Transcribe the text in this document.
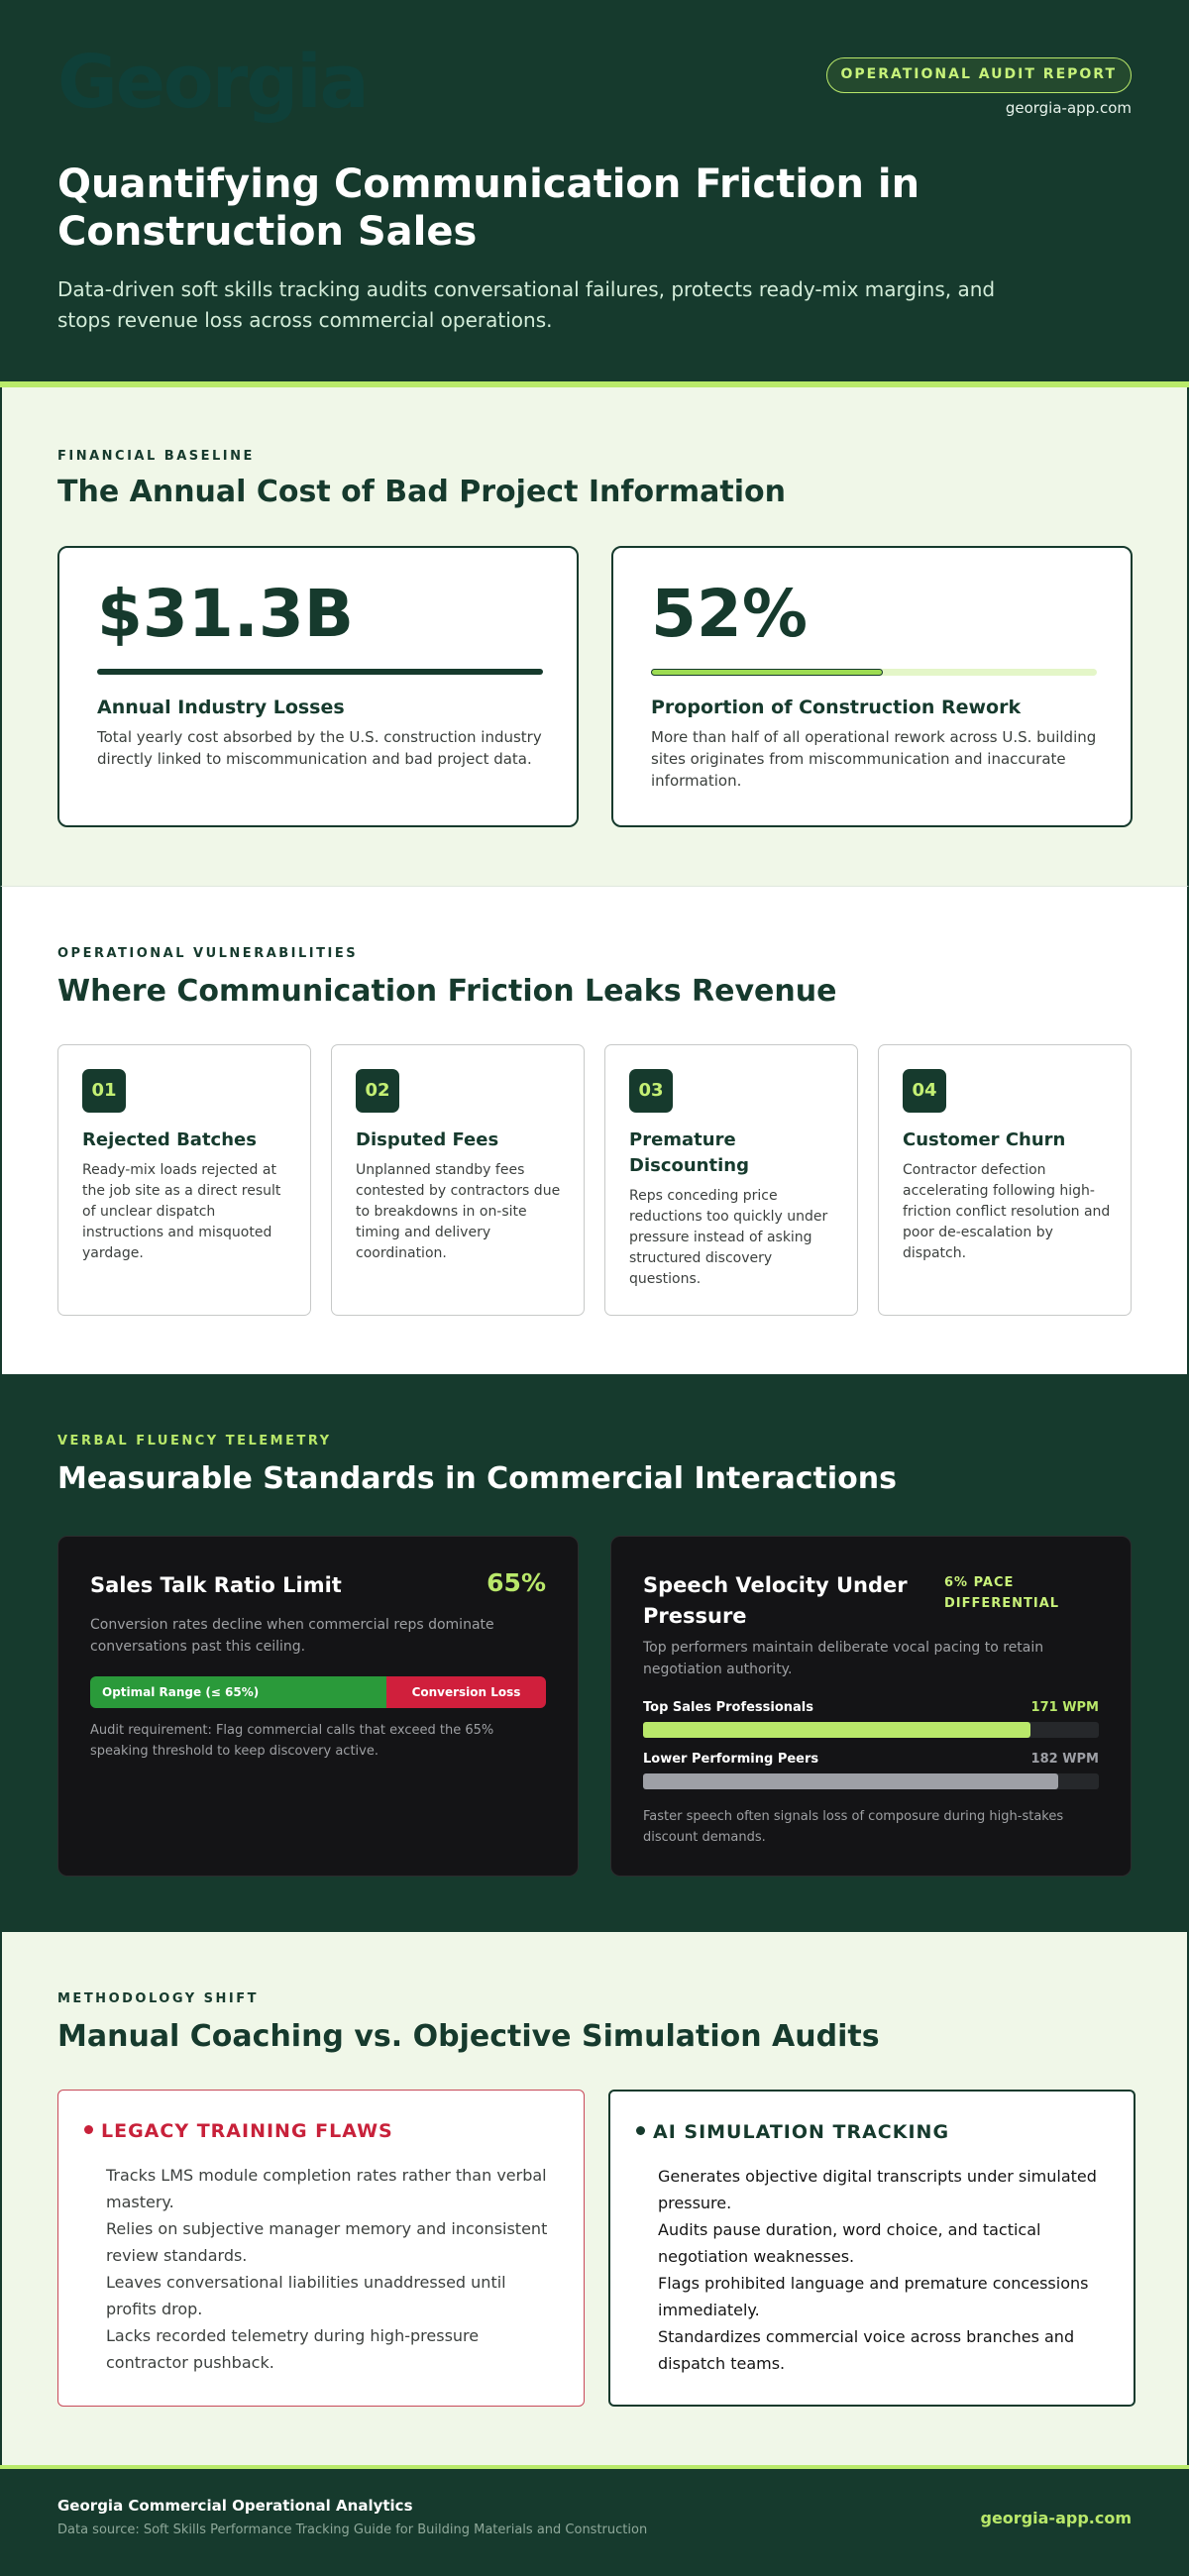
Georgia	OPERATIONAL AUDIT REPORT
georgia-app.com
Quantifying Communication Friction in Construction Sales

Data-driven soft skills tracking audits conversational failures, protects ready-mix margins, and stops revenue loss across commercial operations.

FINANCIAL BASELINE
The Annual Cost of Bad Project Information
$31.3B
Annual Industry Losses
Total yearly cost absorbed by the U.S. construction industry directly linked to miscommunication and bad project data.
52%
Proportion of Construction Rework
More than half of all operational rework across U.S. building sites originates from miscommunication and inaccurate information.
OPERATIONAL VULNERABILITIES
Where Communication Friction Leaks Revenue
01
Rejected Batches
Ready-mix loads rejected at the job site as a direct result of unclear dispatch instructions and misquoted yardage.
02
Disputed Fees
Unplanned standby fees contested by contractors due to breakdowns in on-site timing and delivery coordination.
03
Premature Discounting
Reps conceding price reductions too quickly under pressure instead of asking structured discovery questions.
04
Customer Churn
Contractor defection accelerating following high-friction conflict resolution and poor de-escalation by dispatch.
VERBAL FLUENCY TELEMETRY
Measurable Standards in Commercial Interactions
Sales Talk Ratio Limit	65%
Conversion rates decline when commercial reps dominate conversations past this ceiling.
Optimal Range (≤ 65%)	Conversion Loss
Audit requirement: Flag commercial calls that exceed the 65% speaking threshold to keep discovery active.
Speech Velocity Under Pressure
6% PACE DIFFERENTIAL
Top performers maintain deliberate vocal pacing to retain negotiation authority.
Top Sales Professionals	171 WPM
Lower Performing Peers	182 WPM
Faster speech often signals loss of composure during high-stakes discount demands.
METHODOLOGY SHIFT
Manual Coaching vs. Objective Simulation Audits
LEGACY TRAINING FLAWS
Tracks LMS module completion rates rather than verbal mastery.
Relies on subjective manager memory and inconsistent review standards.
Leaves conversational liabilities unaddressed until profits drop.
Lacks recorded telemetry during high-pressure contractor pushback.
AI SIMULATION TRACKING
Generates objective digital transcripts under simulated pressure.
Audits pause duration, word choice, and tactical negotiation weaknesses.
Flags prohibited language and premature concessions immediately.
Standardizes commercial voice across branches and dispatch teams.
Georgia Commercial Operational Analytics
Data source: Soft Skills Performance Tracking Guide for Building Materials and Construction
georgia-app.com
